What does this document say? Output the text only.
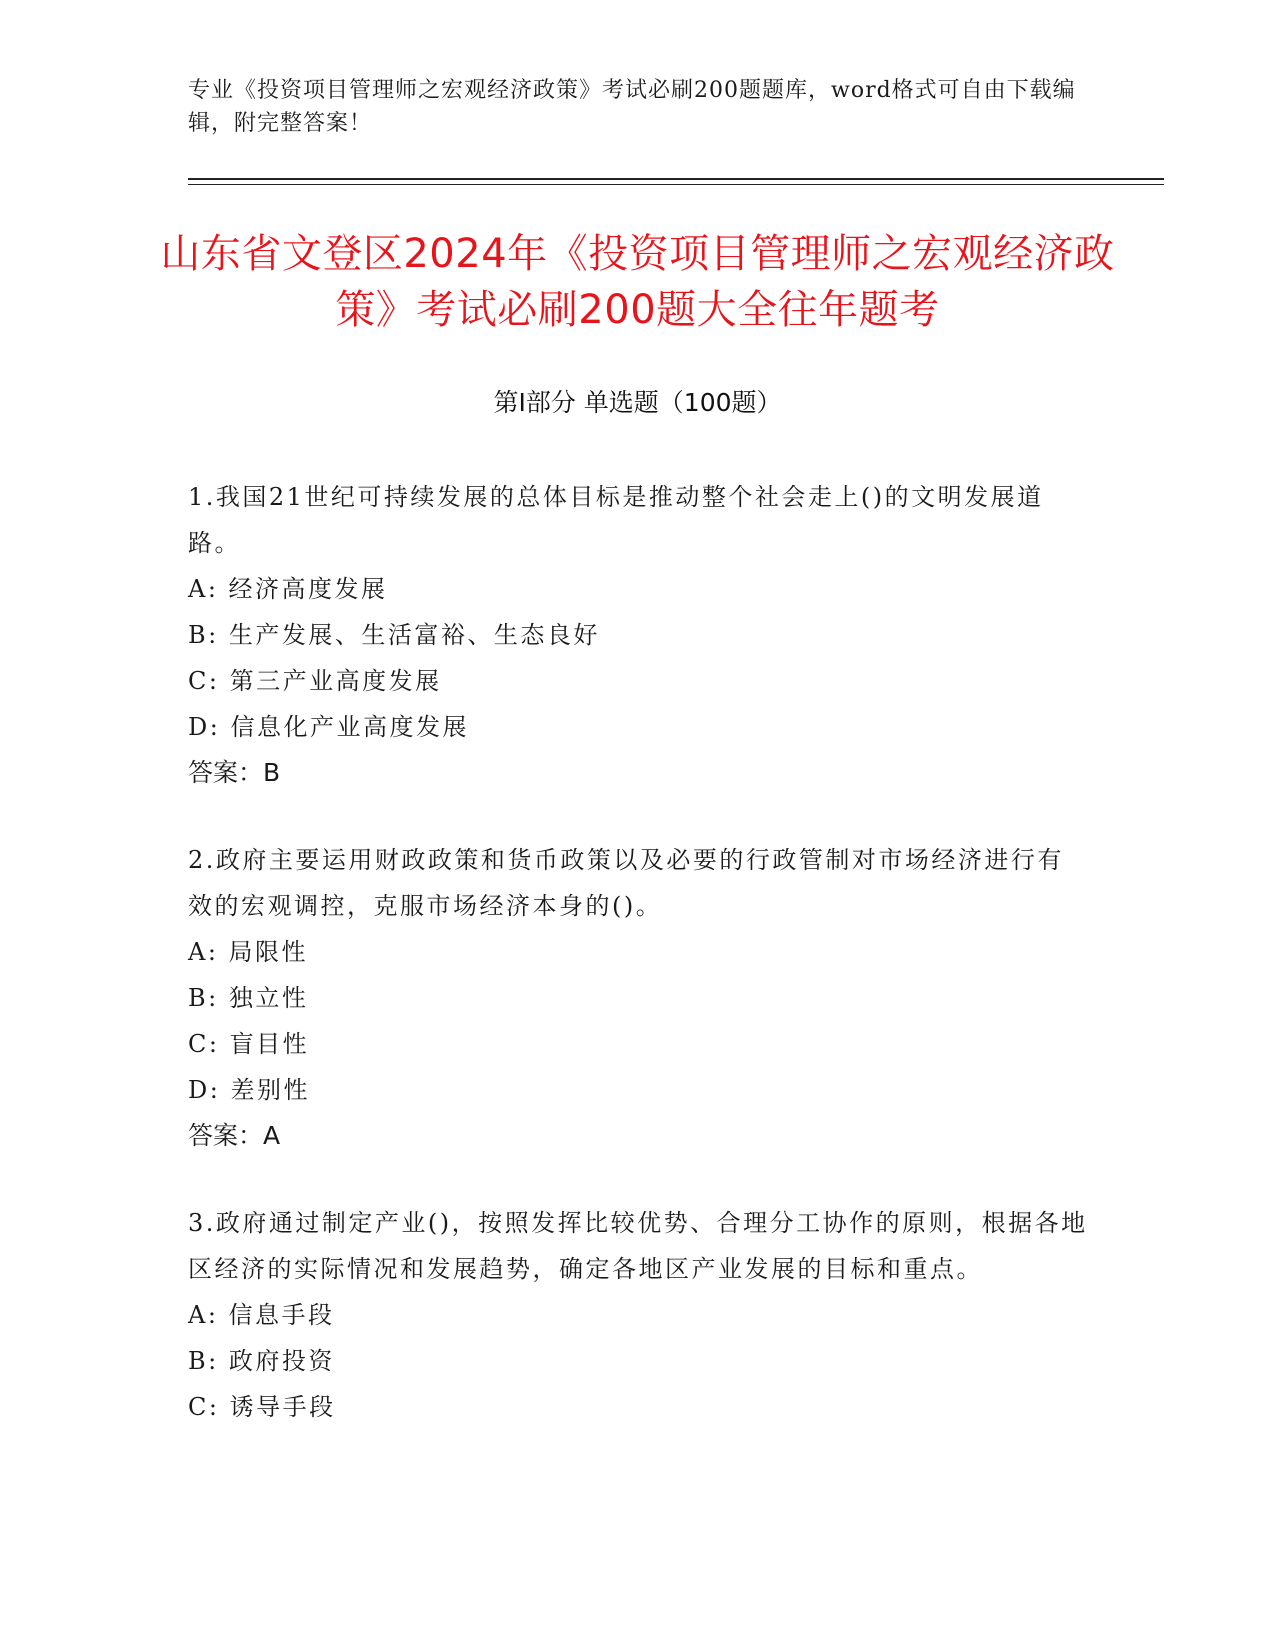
专业《投资项目管理师之宏观经济政策》考试必刷200题题库，word格式可自由下载编辑，附完整答案！
山东省文登区2024年《投资项目管理师之宏观经济政策》考试必刷200题大全往年题考
第Ⅰ部分 单选题（100题）
1.我国21世纪可持续发展的总体目标是推动整个社会走上()的文明发展道路。
A: 经济高度发展
B: 生产发展、生活富裕、生态良好
C: 第三产业高度发展
D: 信息化产业高度发展
答案：B
2.政府主要运用财政政策和货币政策以及必要的行政管制对市场经济进行有效的宏观调控，克服市场经济本身的()。
A: 局限性
B: 独立性
C: 盲目性
D: 差别性
答案：A
3.政府通过制定产业()，按照发挥比较优势、合理分工协作的原则，根据各地区经济的实际情况和发展趋势，确定各地区产业发展的目标和重点。
A: 信息手段
B: 政府投资
C: 诱导手段
